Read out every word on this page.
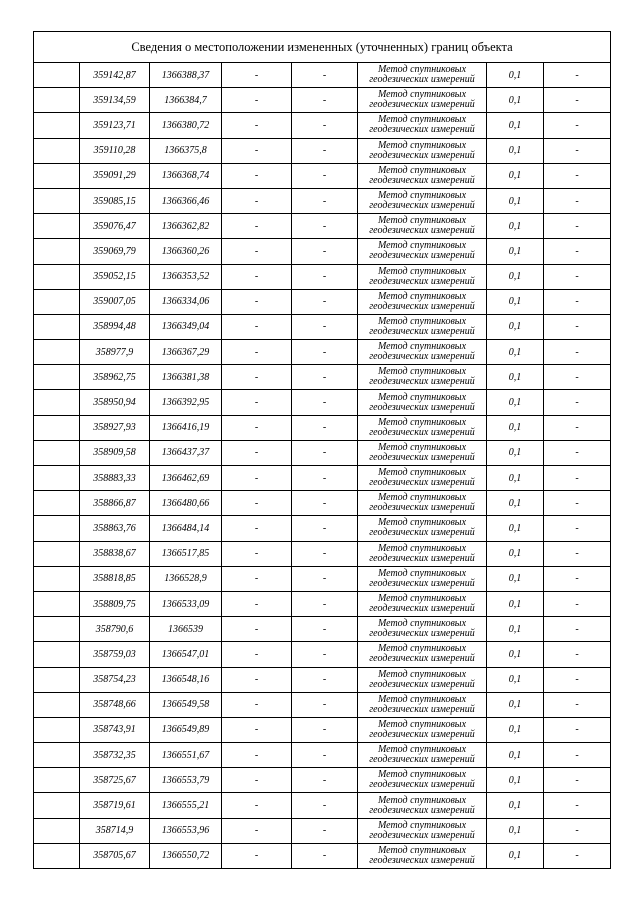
Сведения о местоположении измененных (уточненных) границ объекта							
	359142,87	1366388,37	-	-	Метод спутниковых
геодезических измерений	0,1	-
	359134,59	1366384,7	-	-	Метод спутниковых
геодезических измерений	0,1	-
	359123,71	1366380,72	-	-	Метод спутниковых
геодезических измерений	0,1	-
	359110,28	1366375,8	-	-	Метод спутниковых
геодезических измерений	0,1	-
	359091,29	1366368,74	-	-	Метод спутниковых
геодезических измерений	0,1	-
	359085,15	1366366,46	-	-	Метод спутниковых
геодезических измерений	0,1	-
	359076,47	1366362,82	-	-	Метод спутниковых
геодезических измерений	0,1	-
	359069,79	1366360,26	-	-	Метод спутниковых
геодезических измерений	0,1	-
	359052,15	1366353,52	-	-	Метод спутниковых
геодезических измерений	0,1	-
	359007,05	1366334,06	-	-	Метод спутниковых
геодезических измерений	0,1	-
	358994,48	1366349,04	-	-	Метод спутниковых
геодезических измерений	0,1	-
	358977,9	1366367,29	-	-	Метод спутниковых
геодезических измерений	0,1	-
	358962,75	1366381,38	-	-	Метод спутниковых
геодезических измерений	0,1	-
	358950,94	1366392,95	-	-	Метод спутниковых
геодезических измерений	0,1	-
	358927,93	1366416,19	-	-	Метод спутниковых
геодезических измерений	0,1	-
	358909,58	1366437,37	-	-	Метод спутниковых
геодезических измерений	0,1	-
	358883,33	1366462,69	-	-	Метод спутниковых
геодезических измерений	0,1	-
	358866,87	1366480,66	-	-	Метод спутниковых
геодезических измерений	0,1	-
	358863,76	1366484,14	-	-	Метод спутниковых
геодезических измерений	0,1	-
	358838,67	1366517,85	-	-	Метод спутниковых
геодезических измерений	0,1	-
	358818,85	1366528,9	-	-	Метод спутниковых
геодезических измерений	0,1	-
	358809,75	1366533,09	-	-	Метод спутниковых
геодезических измерений	0,1	-
	358790,6	1366539	-	-	Метод спутниковых
геодезических измерений	0,1	-
	358759,03	1366547,01	-	-	Метод спутниковых
геодезических измерений	0,1	-
	358754,23	1366548,16	-	-	Метод спутниковых
геодезических измерений	0,1	-
	358748,66	1366549,58	-	-	Метод спутниковых
геодезических измерений	0,1	-
	358743,91	1366549,89	-	-	Метод спутниковых
геодезических измерений	0,1	-
	358732,35	1366551,67	-	-	Метод спутниковых
геодезических измерений	0,1	-
	358725,67	1366553,79	-	-	Метод спутниковых
геодезических измерений	0,1	-
	358719,61	1366555,21	-	-	Метод спутниковых
геодезических измерений	0,1	-
	358714,9	1366553,96	-	-	Метод спутниковых
геодезических измерений	0,1	-
	358705,67	1366550,72	-	-	Метод спутниковых
геодезических измерений	0,1	-
